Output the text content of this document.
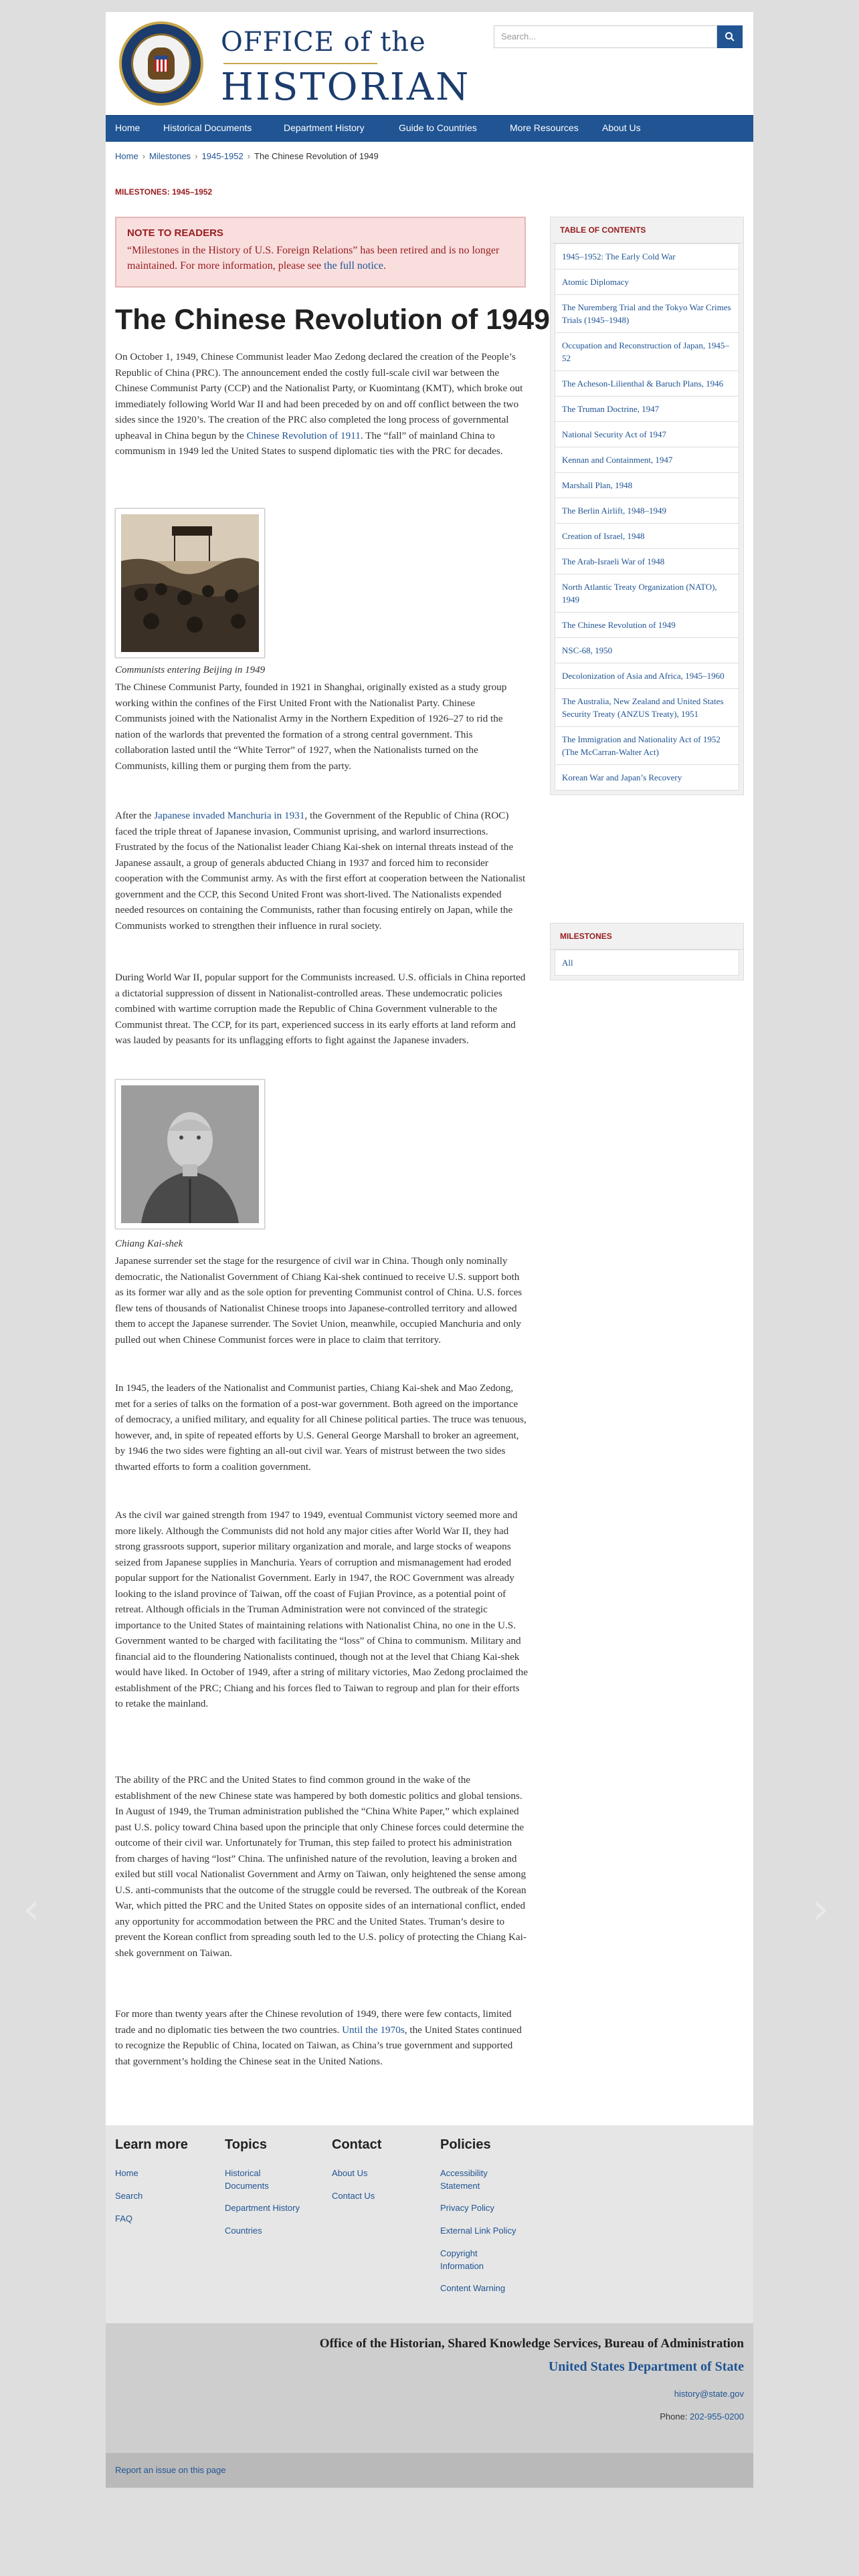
‹	›
OFFICE of the
HISTORIAN
Search...
Home Historical Documents	Department History	Guide to Countries	More Resources	About Us
Home › Milestones › 1945-1952 › The Chinese Revolution of 1949
MILESTONES: 1945–1952
NOTE TO READERS
“Milestones in the History of U.S. Foreign Relations” has been retired and is no longer maintained. For more information, please see the full notice.
The Chinese Revolution of 1949

On October 1, 1949, Chinese Communist leader Mao Zedong declared the creation of the People’s Republic of China (PRC). The announcement ended the costly full-scale civil war between the Chinese Communist Party (CCP) and the Nationalist Party, or Kuomintang (KMT), which broke out immediately following World War II and had been preceded by on and off conflict between the two sides since the 1920’s. The creation of the PRC also completed the long process of governmental upheaval in China begun by the Chinese Revolution of 1911. The “fall” of mainland China to communism in 1949 led the United States to suspend diplomatic ties with the PRC for decades.

Communists entering Beijing in 1949

The Chinese Communist Party, founded in 1921 in Shanghai, originally existed as a study group working within the confines of the First United Front with the Nationalist Party. Chinese Communists joined with the Nationalist Army in the Northern Expedition of 1926–27 to rid the nation of the warlords that prevented the formation of a strong central government. This collaboration lasted until the “White Terror” of 1927, when the Nationalists turned on the Communists, killing them or purging them from the party.

After the Japanese invaded Manchuria in 1931, the Government of the Republic of China (ROC) faced the triple threat of Japanese invasion, Communist uprising, and warlord insurrections. Frustrated by the focus of the Nationalist leader Chiang Kai-shek on internal threats instead of the Japanese assault, a group of generals abducted Chiang in 1937 and forced him to reconsider cooperation with the Communist army. As with the first effort at cooperation between the Nationalist government and the CCP, this Second United Front was short-lived. The Nationalists expended needed resources on containing the Communists, rather than focusing entirely on Japan, while the Communists worked to strengthen their influence in rural society.

During World War II, popular support for the Communists increased. U.S. officials in China reported a dictatorial suppression of dissent in Nationalist-controlled areas. These undemocratic policies combined with wartime corruption made the Republic of China Government vulnerable to the Communist threat. The CCP, for its part, experienced success in its early efforts at land reform and was lauded by peasants for its unflagging efforts to fight against the Japanese invaders.

Chiang Kai-shek

Japanese surrender set the stage for the resurgence of civil war in China. Though only nominally democratic, the Nationalist Government of Chiang Kai-shek continued to receive U.S. support both as its former war ally and as the sole option for preventing Communist control of China. U.S. forces flew tens of thousands of Nationalist Chinese troops into Japanese-controlled territory and allowed them to accept the Japanese surrender. The Soviet Union, meanwhile, occupied Manchuria and only pulled out when Chinese Communist forces were in place to claim that territory.

In 1945, the leaders of the Nationalist and Communist parties, Chiang Kai-shek and Mao Zedong, met for a series of talks on the formation of a post-war government. Both agreed on the importance of democracy, a unified military, and equality for all Chinese political parties. The truce was tenuous, however, and, in spite of repeated efforts by U.S. General George Marshall to broker an agreement, by 1946 the two sides were fighting an all-out civil war. Years of mistrust between the two sides thwarted efforts to form a coalition government.

As the civil war gained strength from 1947 to 1949, eventual Communist victory seemed more and more likely. Although the Communists did not hold any major cities after World War II, they had strong grassroots support, superior military organization and morale, and large stocks of weapons seized from Japanese supplies in Manchuria. Years of corruption and mismanagement had eroded popular support for the Nationalist Government. Early in 1947, the ROC Government was already looking to the island province of Taiwan, off the coast of Fujian Province, as a potential point of retreat. Although officials in the Truman Administration were not convinced of the strategic importance to the United States of maintaining relations with Nationalist China, no one in the U.S. Government wanted to be charged with facilitating the “loss” of China to communism. Military and financial aid to the floundering Nationalists continued, though not at the level that Chiang Kai-shek would have liked. In October of 1949, after a string of military victories, Mao Zedong proclaimed the establishment of the PRC; Chiang and his forces fled to Taiwan to regroup and plan for their efforts to retake the mainland.

The ability of the PRC and the United States to find common ground in the wake of the establishment of the new Chinese state was hampered by both domestic politics and global tensions. In August of 1949, the Truman administration published the “China White Paper,” which explained past U.S. policy toward China based upon the principle that only Chinese forces could determine the outcome of their civil war. Unfortunately for Truman, this step failed to protect his administration from charges of having “lost” China. The unfinished nature of the revolution, leaving a broken and exiled but still vocal Nationalist Government and Army on Taiwan, only heightened the sense among U.S. anti-communists that the outcome of the struggle could be reversed. The outbreak of the Korean War, which pitted the PRC and the United States on opposite sides of an international conflict, ended any opportunity for accommodation between the PRC and the United States. Truman’s desire to prevent the Korean conflict from spreading south led to the U.S. policy of protecting the Chiang Kai-shek government on Taiwan.

For more than twenty years after the Chinese revolution of 1949, there were few contacts, limited trade and no diplomatic ties between the two countries. Until the 1970s, the United States continued to recognize the Republic of China, located on Taiwan, as China’s true government and supported that government’s holding the Chinese seat in the United Nations.

TABLE OF CONTENTS
1945–1952: The Early Cold War
Atomic Diplomacy
The Nuremberg Trial and the Tokyo War Crimes Trials (1945–1948)
Occupation and Reconstruction of Japan, 1945–52
The Acheson-Lilienthal & Baruch Plans, 1946
The Truman Doctrine, 1947
National Security Act of 1947
Kennan and Containment, 1947
Marshall Plan, 1948
The Berlin Airlift, 1948–1949
Creation of Israel, 1948
The Arab-Israeli War of 1948
North Atlantic Treaty Organization (NATO), 1949
The Chinese Revolution of 1949
NSC-68, 1950
Decolonization of Asia and Africa, 1945–1960
The Australia, New Zealand and United States Security Treaty (ANZUS Treaty), 1951
The Immigration and Nationality Act of 1952 (The McCarran-Walter Act)
Korean War and Japan’s Recovery
MILESTONES
All
Learn more
Home
Search
FAQ
Topics
Historical Documents
Department History
Countries
Contact
About Us
Contact Us
Policies
Accessibility Statement
Privacy Policy
External Link Policy
Copyright Information
Content Warning
Office of the Historian, Shared Knowledge Services, Bureau of Administration
United States Department of State
history@state.gov
Phone: 202-955-0200
Report an issue on this page
